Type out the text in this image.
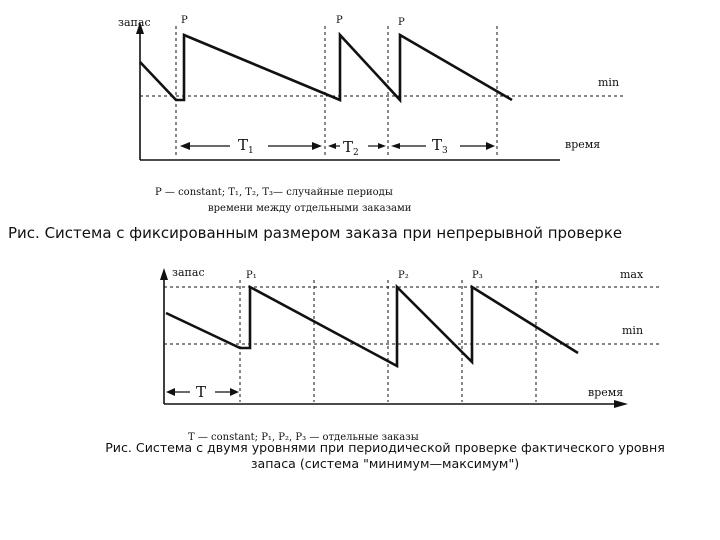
запас
время
min
P	P	P
$T_1$	$T_2$	$T_3$
P — constant; T₁, T₂, T₃— случайные периоды
времени между отдельными заказами
запас
время
max
min
P₁	P₂	P₃
T
T — constant; P₁, P₂, P₃ — отдельные заказы
Рис. Система с фиксированным размером заказа при непрерывной проверке
Рис. Система с двумя уровнями при периодической проверке фактического уровня
запаса (система "минимум—максимум")
